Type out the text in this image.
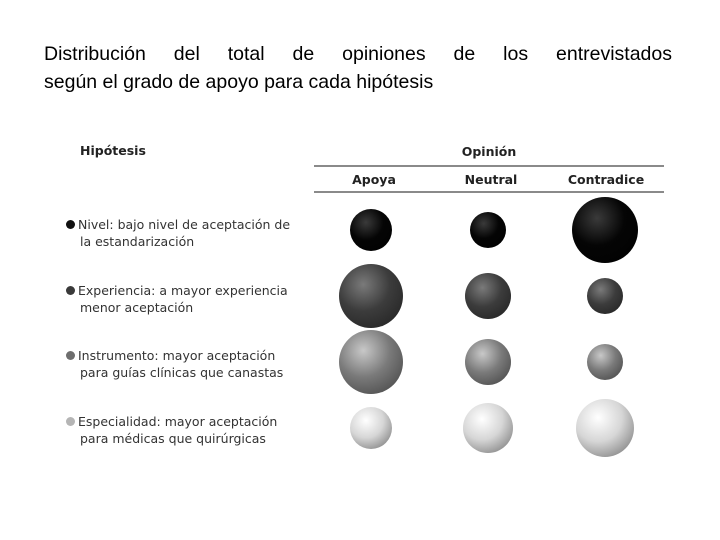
Distribución del total de opiniones de los entrevistados
según el grado de apoyo para cada hipótesis
Hipótesis	Opinión
Apoya	Neutral	Contradice
Nivel: bajo nivel de aceptación de
la estandarización
Experiencia: a mayor experiencia
menor aceptación
Instrumento: mayor aceptación
para guías clínicas que canastas
Especialidad: mayor aceptación
para médicas que quirúrgicas
